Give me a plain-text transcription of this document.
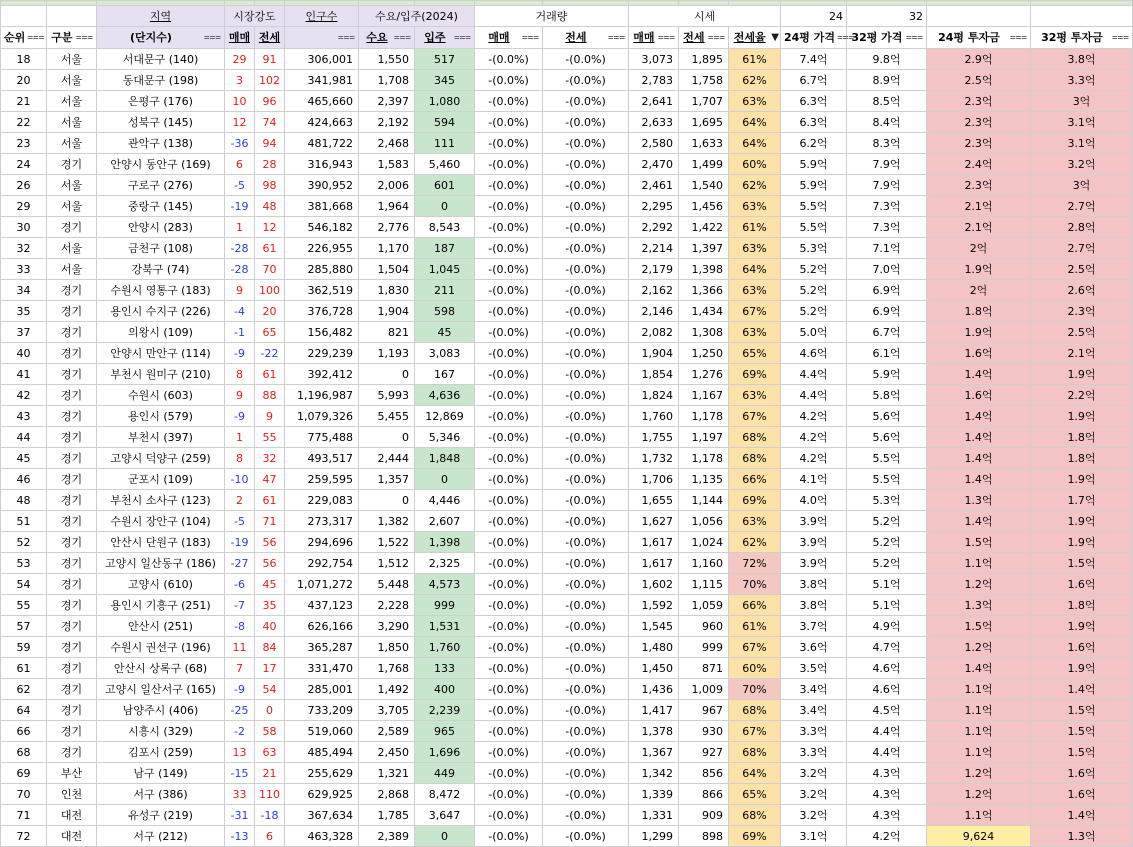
		지역	시장강도		인구수	수요/입주(2024)		거래량		시세			24	32		

순위 ⩶	구분 ⩶	(단지수) ⩶	매매	전세	⩶	수요 ⩶	입주 ⩶	매매 ⩶	전세 ⩶	매매 ⩶	전세 ⩶	전세율 ▼	24평 가격 ⩶	32평 가격 ⩶	24평 투자금 ⩶	32평 투자금 ⩶

18	서울	서대문구 (140)	29	91	306,001	1,550	517	-(0.0%)	-(0.0%)	3,073	1,895	61%	7.4억	9.8억	2.9억	3.8억
20	서울	동대문구 (198)	3	102	341,981	1,708	345	-(0.0%)	-(0.0%)	2,783	1,758	62%	6.7억	8.9억	2.5억	3.3억
21	서울	은평구 (176)	10	96	465,660	2,397	1,080	-(0.0%)	-(0.0%)	2,641	1,707	63%	6.3억	8.5억	2.3억	3억
22	서울	성북구 (145)	12	74	424,663	2,192	594	-(0.0%)	-(0.0%)	2,633	1,695	64%	6.3억	8.4억	2.3억	3.1억
23	서울	관악구 (138)	-36	94	481,722	2,468	111	-(0.0%)	-(0.0%)	2,580	1,633	64%	6.2억	8.3억	2.3억	3.1억
24	경기	안양시 동안구 (169)	6	28	316,943	1,583	5,460	-(0.0%)	-(0.0%)	2,470	1,499	60%	5.9억	7.9억	2.4억	3.2억
26	서울	구로구 (276)	-5	98	390,952	2,006	601	-(0.0%)	-(0.0%)	2,461	1,540	62%	5.9억	7.9억	2.3억	3억
29	서울	중랑구 (145)	-19	48	381,668	1,964	0	-(0.0%)	-(0.0%)	2,295	1,456	63%	5.5억	7.3억	2.1억	2.7억
30	경기	안양시 (283)	1	12	546,182	2,776	8,543	-(0.0%)	-(0.0%)	2,292	1,422	61%	5.5억	7.3억	2.1억	2.8억
32	서울	금천구 (108)	-28	61	226,955	1,170	187	-(0.0%)	-(0.0%)	2,214	1,397	63%	5.3억	7.1억	2억	2.7억
33	서울	강북구 (74)	-28	70	285,880	1,504	1,045	-(0.0%)	-(0.0%)	2,179	1,398	64%	5.2억	7.0억	1.9억	2.5억
34	경기	수원시 영통구 (183)	9	100	362,519	1,830	211	-(0.0%)	-(0.0%)	2,162	1,366	63%	5.2억	6.9억	2억	2.6억
35	경기	용인시 수지구 (226)	-4	20	376,728	1,904	598	-(0.0%)	-(0.0%)	2,146	1,434	67%	5.2억	6.9억	1.8억	2.3억
37	경기	의왕시 (109)	-1	65	156,482	821	45	-(0.0%)	-(0.0%)	2,082	1,308	63%	5.0억	6.7억	1.9억	2.5억
40	경기	안양시 만안구 (114)	-9	-22	229,239	1,193	3,083	-(0.0%)	-(0.0%)	1,904	1,250	65%	4.6억	6.1억	1.6억	2.1억
41	경기	부천시 원미구 (210)	8	61	392,412	0	167	-(0.0%)	-(0.0%)	1,854	1,276	69%	4.4억	5.9억	1.4억	1.9억
42	경기	수원시 (603)	9	88	1,196,987	5,993	4,636	-(0.0%)	-(0.0%)	1,824	1,167	63%	4.4억	5.8억	1.6억	2.2억
43	경기	용인시 (579)	-9	9	1,079,326	5,455	12,869	-(0.0%)	-(0.0%)	1,760	1,178	67%	4.2억	5.6억	1.4억	1.9억
44	경기	부천시 (397)	1	55	775,488	0	5,346	-(0.0%)	-(0.0%)	1,755	1,197	68%	4.2억	5.6억	1.4억	1.8억
45	경기	고양시 덕양구 (259)	8	32	493,517	2,444	1,848	-(0.0%)	-(0.0%)	1,732	1,178	68%	4.2억	5.5억	1.4억	1.8억
46	경기	군포시 (109)	-10	47	259,595	1,357	0	-(0.0%)	-(0.0%)	1,706	1,135	66%	4.1억	5.5억	1.4억	1.9억
48	경기	부천시 소사구 (123)	2	61	229,083	0	4,446	-(0.0%)	-(0.0%)	1,655	1,144	69%	4.0억	5.3억	1.3억	1.7억
51	경기	수원시 장안구 (104)	-5	71	273,317	1,382	2,607	-(0.0%)	-(0.0%)	1,627	1,056	63%	3.9억	5.2억	1.4억	1.9억
52	경기	안산시 단원구 (183)	-19	56	294,696	1,522	1,398	-(0.0%)	-(0.0%)	1,617	1,024	62%	3.9억	5.2억	1.5억	1.9억
53	경기	고양시 일산동구 (186)	-27	56	292,754	1,512	2,325	-(0.0%)	-(0.0%)	1,617	1,160	72%	3.9억	5.2억	1.1억	1.5억
54	경기	고양시 (610)	-6	45	1,071,272	5,448	4,573	-(0.0%)	-(0.0%)	1,602	1,115	70%	3.8억	5.1억	1.2억	1.6억
55	경기	용인시 기흥구 (251)	-7	35	437,123	2,228	999	-(0.0%)	-(0.0%)	1,592	1,059	66%	3.8억	5.1억	1.3억	1.8억
57	경기	안산시 (251)	-8	40	626,166	3,290	1,531	-(0.0%)	-(0.0%)	1,545	960	61%	3.7억	4.9억	1.5억	1.9억
59	경기	수원시 권선구 (196)	11	84	365,287	1,850	1,760	-(0.0%)	-(0.0%)	1,480	999	67%	3.6억	4.7억	1.2억	1.6억
61	경기	안산시 상록구 (68)	7	17	331,470	1,768	133	-(0.0%)	-(0.0%)	1,450	871	60%	3.5억	4.6억	1.4억	1.9억
62	경기	고양시 일산서구 (165)	-9	54	285,001	1,492	400	-(0.0%)	-(0.0%)	1,436	1,009	70%	3.4억	4.6억	1.1억	1.4억
64	경기	남양주시 (406)	-25	0	733,209	3,705	2,239	-(0.0%)	-(0.0%)	1,417	967	68%	3.4억	4.5억	1.1억	1.5억
66	경기	시흥시 (329)	-2	58	519,060	2,589	965	-(0.0%)	-(0.0%)	1,378	930	67%	3.3억	4.4억	1.1억	1.5억
68	경기	김포시 (259)	13	63	485,494	2,450	1,696	-(0.0%)	-(0.0%)	1,367	927	68%	3.3억	4.4억	1.1억	1.5억
69	부산	남구 (149)	-15	21	255,629	1,321	449	-(0.0%)	-(0.0%)	1,342	856	64%	3.2억	4.3억	1.2억	1.6억
70	인천	서구 (386)	33	110	629,925	2,868	8,472	-(0.0%)	-(0.0%)	1,339	866	65%	3.2억	4.3억	1.2억	1.6억
71	대전	유성구 (219)	-31	-18	367,634	1,785	3,647	-(0.0%)	-(0.0%)	1,331	909	68%	3.2억	4.3억	1.1억	1.4억
72	대전	서구 (212)	-13	6	463,328	2,389	0	-(0.0%)	-(0.0%)	1,299	898	69%	3.1억	4.2억	9,624	1.3억
